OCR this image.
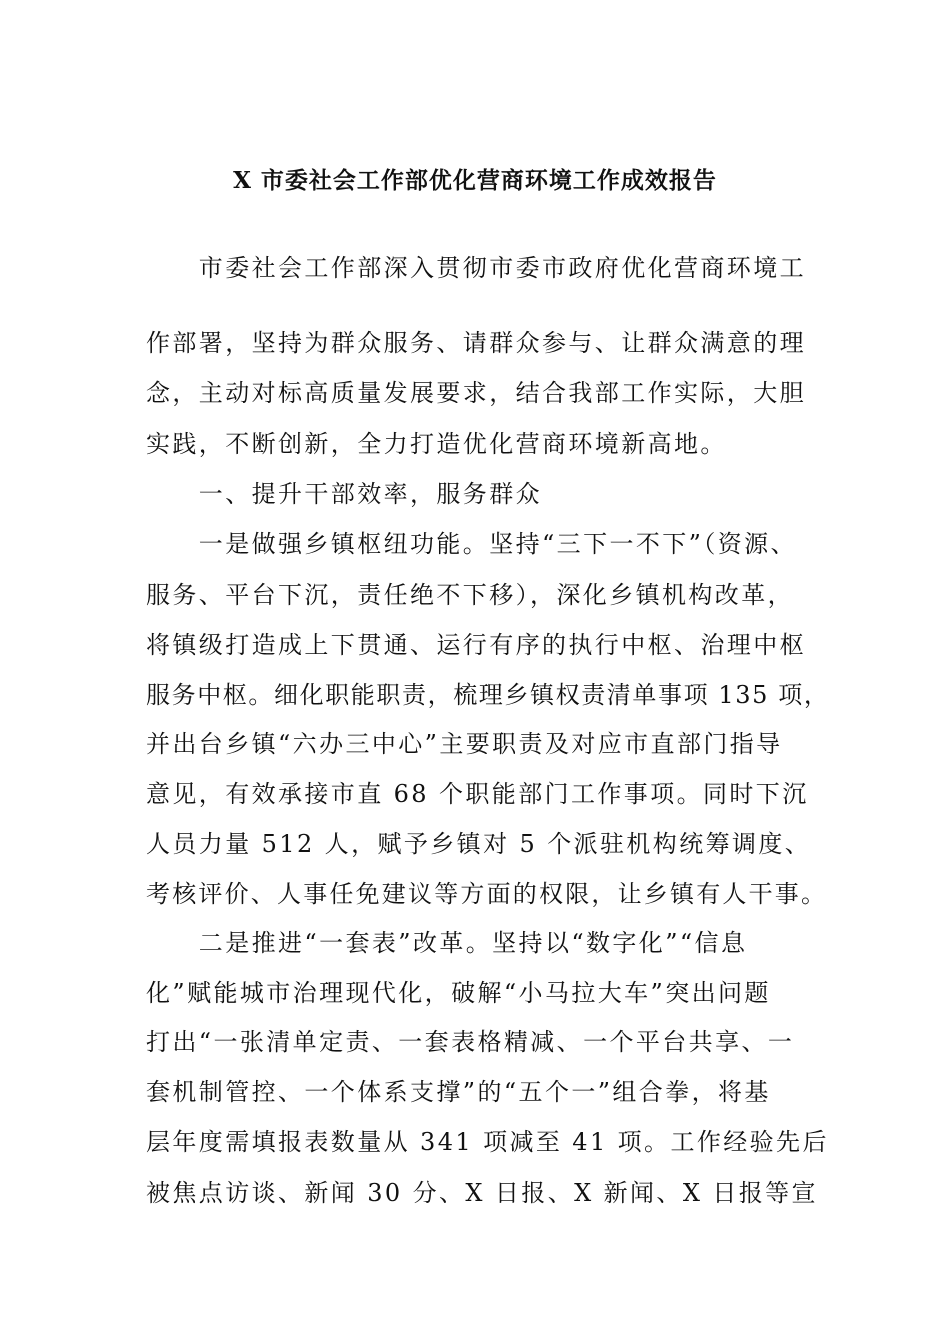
X 市委社会工作部优化营商环境工作成效报告
　　市委社会工作部深入贯彻市委市政府优化营商环境工
作部署，坚持为群众服务、请群众参与、让群众满意的理
念，主动对标高质量发展要求，结合我部工作实际，大胆
实践，不断创新，全力打造优化营商环境新高地。
　　一、提升干部效率，服务群众
　　一是做强乡镇枢纽功能。坚持“三下一不下”（资源、
服务、平台下沉，责任绝不下移），深化乡镇机构改革，
将镇级打造成上下贯通、运行有序的执行中枢、治理中枢
服务中枢。细化职能职责，梳理乡镇权责清单事项 135 项，
并出台乡镇“六办三中心”主要职责及对应市直部门指导
意见，有效承接市直 68 个职能部门工作事项。同时下沉
人员力量 512 人，赋予乡镇对 5 个派驻机构统筹调度、
考核评价、人事任免建议等方面的权限，让乡镇有人干事。
　　二是推进“一套表”改革。坚持以“数字化”“信息
化”赋能城市治理现代化，破解“小马拉大车”突出问题
打出“一张清单定责、一套表格精减、一个平台共享、一
套机制管控、一个体系支撑”的“五个一”组合拳，将基
层年度需填报表数量从 341 项减至 41 项。工作经验先后
被焦点访谈、新闻 30 分、X 日报、X 新闻、X 日报等宣
